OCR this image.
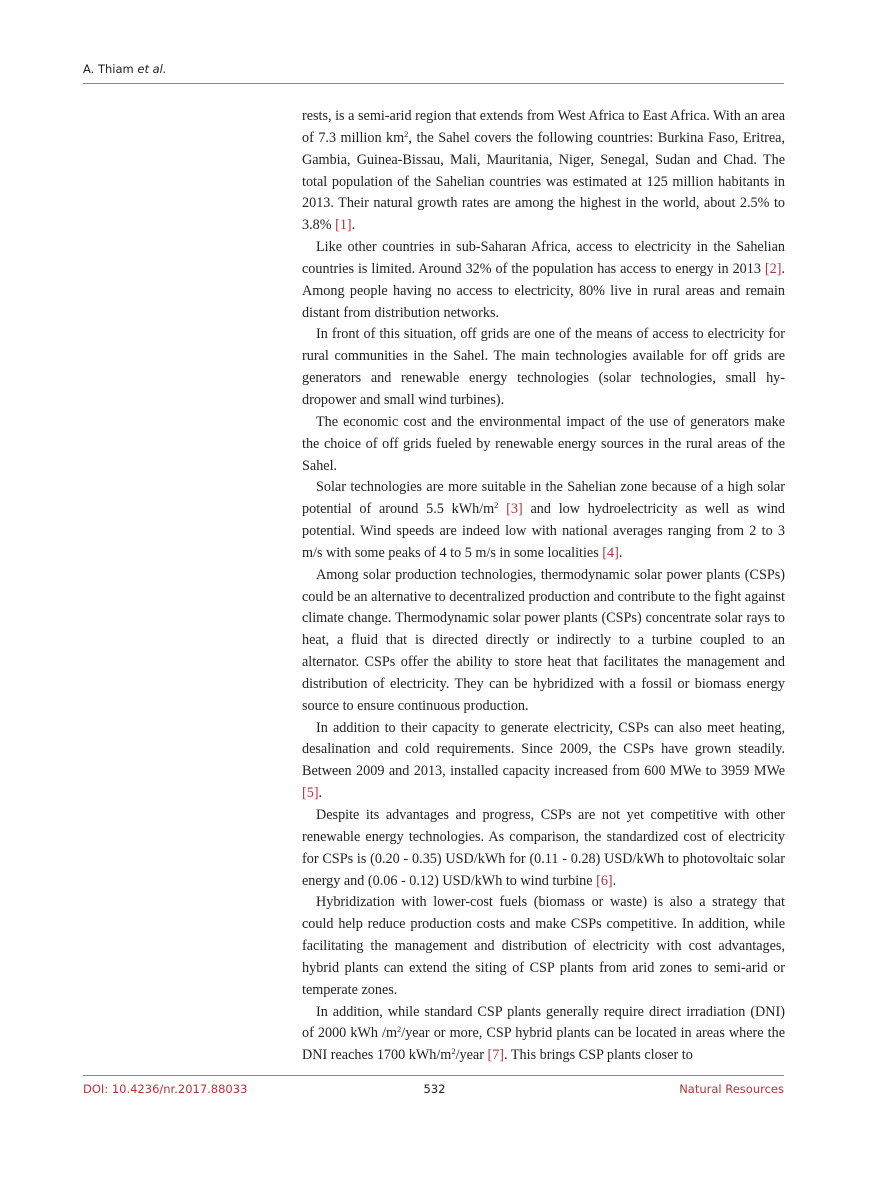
A. Thiam et al.

rests, is a semi-arid region that extends from West Africa to East Africa. With an area of 7.3 million $km^2$, the Sahel covers the following countries: Burkina Faso, Eritrea, Gambia, Guinea-Bissau, Mali, Mauritania, Niger, Senegal, Sudan and Chad. The total population of the Sahelian countries was estimated at 125 million habitants in 2013. Their natural growth rates are among the highest in the world, about 2.5% to 3.8% [1].

Like other countries in sub-Saharan Africa, access to electricity in the Sahelian countries is limited. Around 32% of the population has access to energy in 2013 [2]. Among people having no access to electricity, 80% live in rural areas and remain distant from distribution networks.

In front of this situation, off grids are one of the means of access to electricity for rural communities in the Sahel. The main technologies available for off grids are generators and renewable energy technologies (solar technologies, small hydropower and small wind turbines).

The economic cost and the environmental impact of the use of generators make the choice of off grids fueled by renewable energy sources in the rural areas of the Sahel.

Solar technologies are more suitable in the Sahelian zone because of a high solar potential of around 5.5 kWh/$m^2$ [3] and low hydroelectricity as well as wind potential. Wind speeds are indeed low with national averages ranging from 2 to 3 m/s with some peaks of 4 to 5 m/s in some localities [4].

Among solar production technologies, thermodynamic solar power plants (CSPs) could be an alternative to decentralized production and contribute to the fight against climate change. Thermodynamic solar power plants (CSPs) concentrate solar rays to heat, a fluid that is directed directly or indirectly to a turbine coupled to an alternator. CSPs offer the ability to store heat that facilitates the management and distribution of electricity. They can be hybridized with a fossil or biomass energy source to ensure continuous production.

In addition to their capacity to generate electricity, CSPs can also meet heating, desalination and cold requirements. Since 2009, the CSPs have grown steadily. Between 2009 and 2013, installed capacity increased from 600 MWe to 3959 MWe [5].

Despite its advantages and progress, CSPs are not yet competitive with other renewable energy technologies. As comparison, the standardized cost of electricity for CSPs is (0.20 - 0.35) USD/kWh for (0.11 - 0.28) USD/kWh to photovoltaic solar energy and (0.06 - 0.12) USD/kWh to wind turbine [6].

Hybridization with lower-cost fuels (biomass or waste) is also a strategy that could help reduce production costs and make CSPs competitive. In addition, while facilitating the management and distribution of electricity with cost advantages, hybrid plants can extend the siting of CSP plants from arid zones to semi-arid or temperate zones.

In addition, while standard CSP plants generally require direct irradiation (DNI) of 2000 kWh $/m^2$/year or more, CSP hybrid plants can be located in areas where the DNI reaches 1700 kWh/$m^2$/year [7]. This brings CSP plants closer to

DOI: 10.4236/nr.2017.88033	532	Natural Resources
